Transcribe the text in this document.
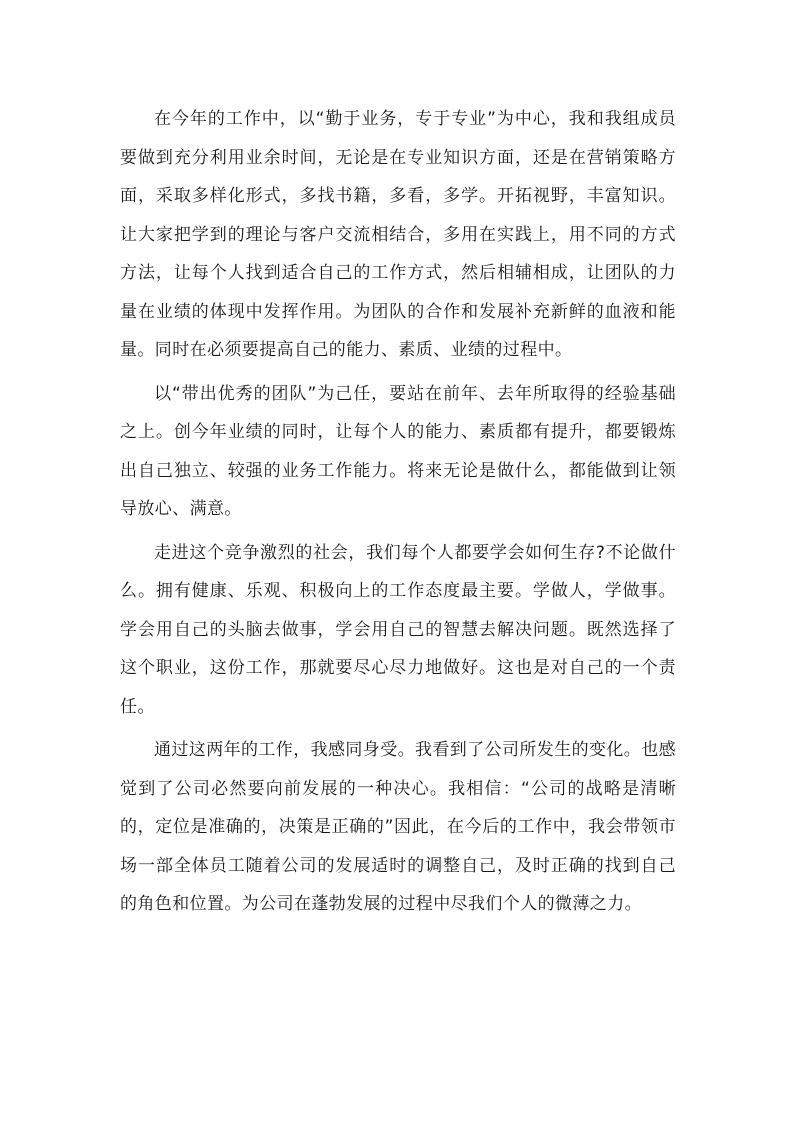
在今年的工作中，以“勤于业务，专于专业”为中心，我和我组成员要做到充分利用业余时间，无论是在专业知识方面，还是在营销策略方面，采取多样化形式，多找书籍，多看，多学。开拓视野，丰富知识。让大家把学到的理论与客户交流相结合，多用在实践上，用不同的方式方法，让每个人找到适合自己的工作方式，然后相辅相成，让团队的力量在业绩的体现中发挥作用。为团队的合作和发展补充新鲜的血液和能量。同时在必须要提高自己的能力、素质、业绩的过程中。

以“带出优秀的团队”为己任，要站在前年、去年所取得的经验基础之上。创今年业绩的同时，让每个人的能力、素质都有提升，都要锻炼出自己独立、较强的业务工作能力。将来无论是做什么，都能做到让领导放心、满意。

走进这个竞争激烈的社会，我们每个人都要学会如何生存?不论做什么。拥有健康、乐观、积极向上的工作态度最主要。学做人，学做事。学会用自己的头脑去做事，学会用自己的智慧去解决问题。既然选择了这个职业，这份工作，那就要尽心尽力地做好。这也是对自己的一个责任。

通过这两年的工作，我感同身受。我看到了公司所发生的变化。也感觉到了公司必然要向前发展的一种决心。我相信：“公司的战略是清晰的，定位是准确的，决策是正确的”因此，在今后的工作中，我会带领市场一部全体员工随着公司的发展适时的调整自己，及时正确的找到自己的角色和位置。为公司在蓬勃发展的过程中尽我们个人的微薄之力。
